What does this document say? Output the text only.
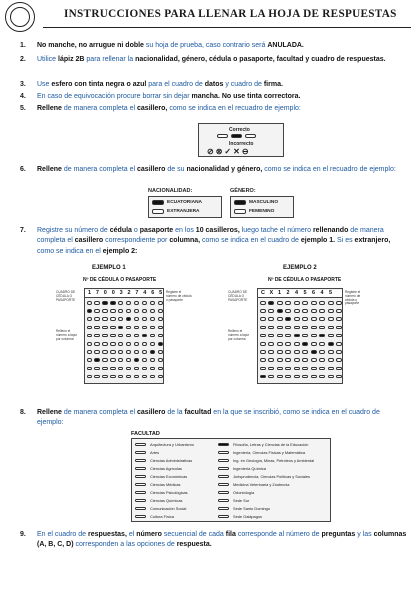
INSTRUCCIONES PARA LLENAR LA HOJA DE RESPUESTAS
1. No manche, no arrugue ni doble su hoja de prueba, caso contrario será ANULADA.
2. Utilice lápiz 2B para rellenar la nacionalidad, género, cédula o pasaporte, facultad y cuadro de respuestas.
3. Use esfero con tinta negra o azul para el cuadro de datos y cuadro de firma.
4. En caso de equivocación procure borrar sin dejar mancha. No use tinta correctora.
5. Rellene de manera completa el casillero, como se indica en el recuadro de ejemplo:
Correcto
Incorrecto
⊘⊗✓✕⊖
6. Rellene de manera completa el casillero de su nacionalidad y género, como se indica en el recuadro de ejemplo:
NACIONALIDAD:	GÉNERO:
ECUATORIANA
EXTRANJERA
MASCULINO
FEMENINO
7. Registre su número de cédula o pasaporte en los 10 casilleros, luego tache el número rellenando de manera completa el casillero correspondiente por columna, como se indica en el cuadro de ejemplo 1. Si es extranjero, como se indica en el ejemplo 2:
EJEMPLO 1	EJEMPLO 2
Nº DE CÉDULA O PASAPORTE	Nº DE CÉDULA O PASAPORTE
CUADRO DE CÉDULA O PASAPORTE
Registre el número de cédula o pasaporte
Relleno el número a lápiz por columna
CUADRO DE CÉDULA O PASAPORTE
Registre el número de cédula o pasaporte
Relleno el número a lápiz por columna
1 7 0 0 3 2 7 4 6 5	C X 1 2 4 5 6 4 5
8. Rellene de manera completa el casillero de la facultad en la que se inscribió, como se indica en el cuadro de ejemplo:
FACULTAD
Arquitectura y Urbanismo
Artes
Ciencias Administrativas
Ciencias Agrícolas
Ciencias Económicas
Ciencias Médicas
Ciencias Psicológicas
Ciencias Químicas
Comunicación Social
Cultura Física
Filosofía, Letras y Ciencias de la Educación
Ingeniería, Ciencias Físicas y Matemática
Ing. en Geología, Minas, Petróleos y Ambiental
Ingeniería Química
Jurisprudencia, Ciencias Políticas y Sociales
Medicina Veterinaria y Zootecnia
Odontología
Sede Sur
Sede Santo Domingo
Sede Galápagos
9. En el cuadro de respuestas, el número secuencial de cada fila corresponde al número de preguntas y las columnas (A, B, C, D) corresponden a las opciones de respuesta.
